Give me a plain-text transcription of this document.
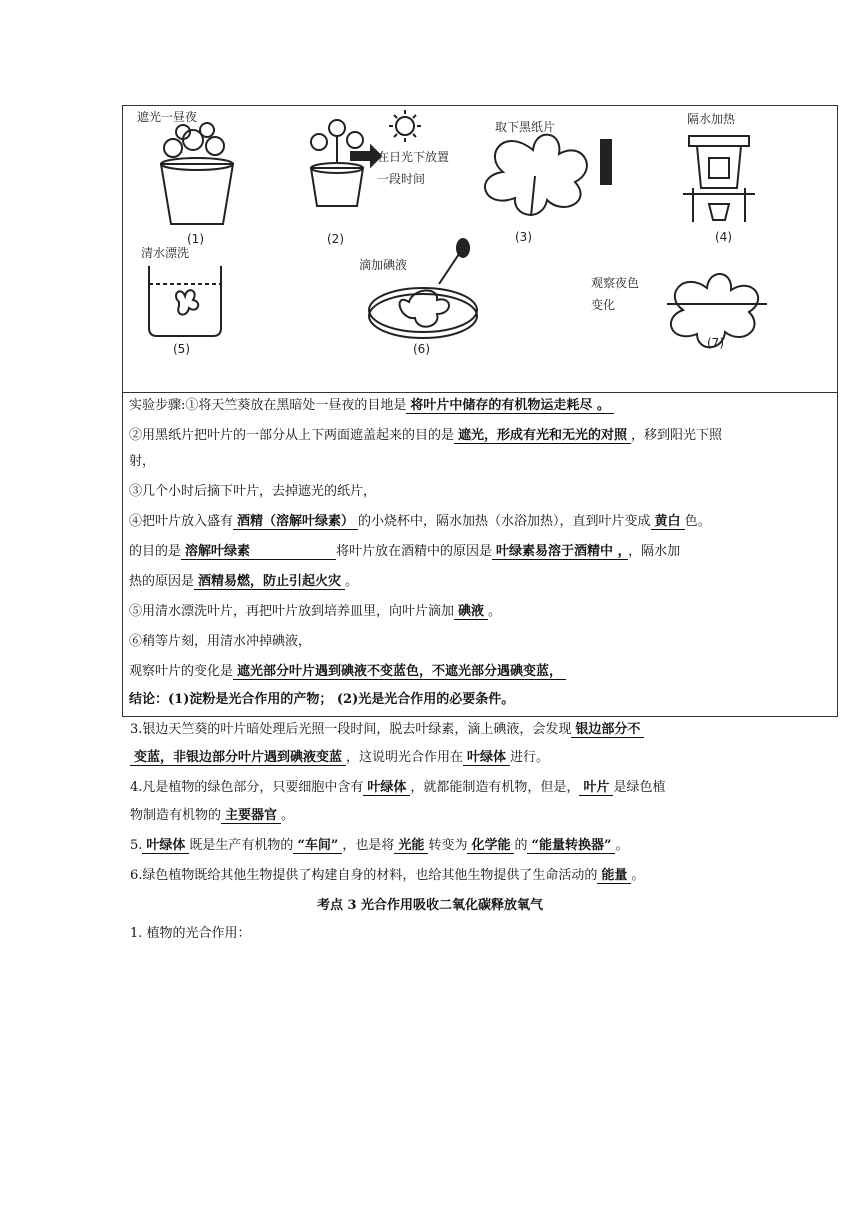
遮光一昼夜
在日光下放置
一段时间
取下黑纸片
隔水加热
清水漂洗
滴加碘液
观察夜色
变化
(1)	(2)	(3)	(4)
(5)	(6)	(7)
实验步骤:①将天竺葵放在黑暗处一昼夜的目地是 将叶片中储存的有机物运走耗尽 。
②用黑纸片把叶片的一部分从上下两面遮盖起来的目的是 遮光，形成有光和无光的对照 ，移到阳光下照
射，
③几个小时后摘下叶片，去掉遮光的纸片，
④把叶片放入盛有 酒精（溶解叶绿素） 的小烧杯中，隔水加热（水浴加热），直到叶片变成 黄白 色。
的目的是 溶解叶绿素	将叶片放在酒精中的原因是 叶绿素易溶于酒精中 ， ，隔水加
热的原因是 酒精易燃，防止引起火灾 。
⑤用清水漂洗叶片，再把叶片放到培养皿里，向叶片滴加 碘液 。
⑥稍等片刻，用清水冲掉碘液，
观察叶片的变化是 遮光部分叶片遇到碘液不变蓝色，不遮光部分遇碘变蓝，
结论：(1)淀粉是光合作用的产物； (2)光是光合作用的必要条件。
3.银边天竺葵的叶片暗处理后光照一段时间，脱去叶绿素，滴上碘液，会发现 银边部分不
变蓝，非银边部分叶片遇到碘液变蓝 ，这说明光合作用在 叶绿体 进行。
4.凡是植物的绿色部分，只要细胞中含有 叶绿体 ，就都能制造有机物，但是， 叶片 是绿色植
物制造有机物的 主要器官 。
5. 叶绿体 既是生产有机物的 “车间” ，也是将 光能 转变为 化学能 的 “能量转换器” 。
6.绿色植物既给其他生物提供了构建自身的材料，也给其他生物提供了生命活动的 能量 。
考点 3 光合作用吸收二氧化碳释放氧气
1. 植物的光合作用：
